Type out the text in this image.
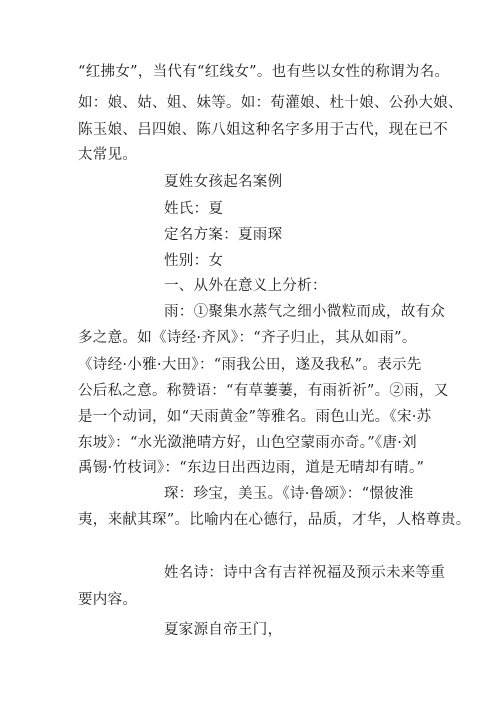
“红拂女”，当代有“红线女”。也有些以女性的称谓为名。
如：娘、姑、姐、妹等。如：荀灌娘、杜十娘、公孙大娘、
陈玉娘、吕四娘、陈八姐这种名字多用于古代，现在已不
太常见。
夏姓女孩起名案例
姓氏：夏
定名方案：夏雨琛
性别：女
一、从外在意义上分析：
雨：①聚集水蒸气之细小微粒而成，故有众
多之意。如《诗经·齐风》：“齐子归止，其从如雨”。
《诗经·小雅·大田》：“雨我公田，遂及我私”。表示先
公后私之意。称赞语：“有草萋萋，有雨祈祈”。②雨，又
是一个动词，如“天雨黄金”等雅名。雨色山光。《宋·苏
东坡》：“水光潋滟晴方好，山色空蒙雨亦奇。”《唐·刘
禹锡·竹枝词》：“东边日出西边雨，道是无晴却有晴。”
琛：珍宝，美玉。《诗·鲁颂》：“憬彼淮
夷，来献其琛”。比喻内在心德行，品质，才华，人格尊贵。
姓名诗：诗中含有吉祥祝福及预示未来等重
要内容。
夏家源自帝王门，
